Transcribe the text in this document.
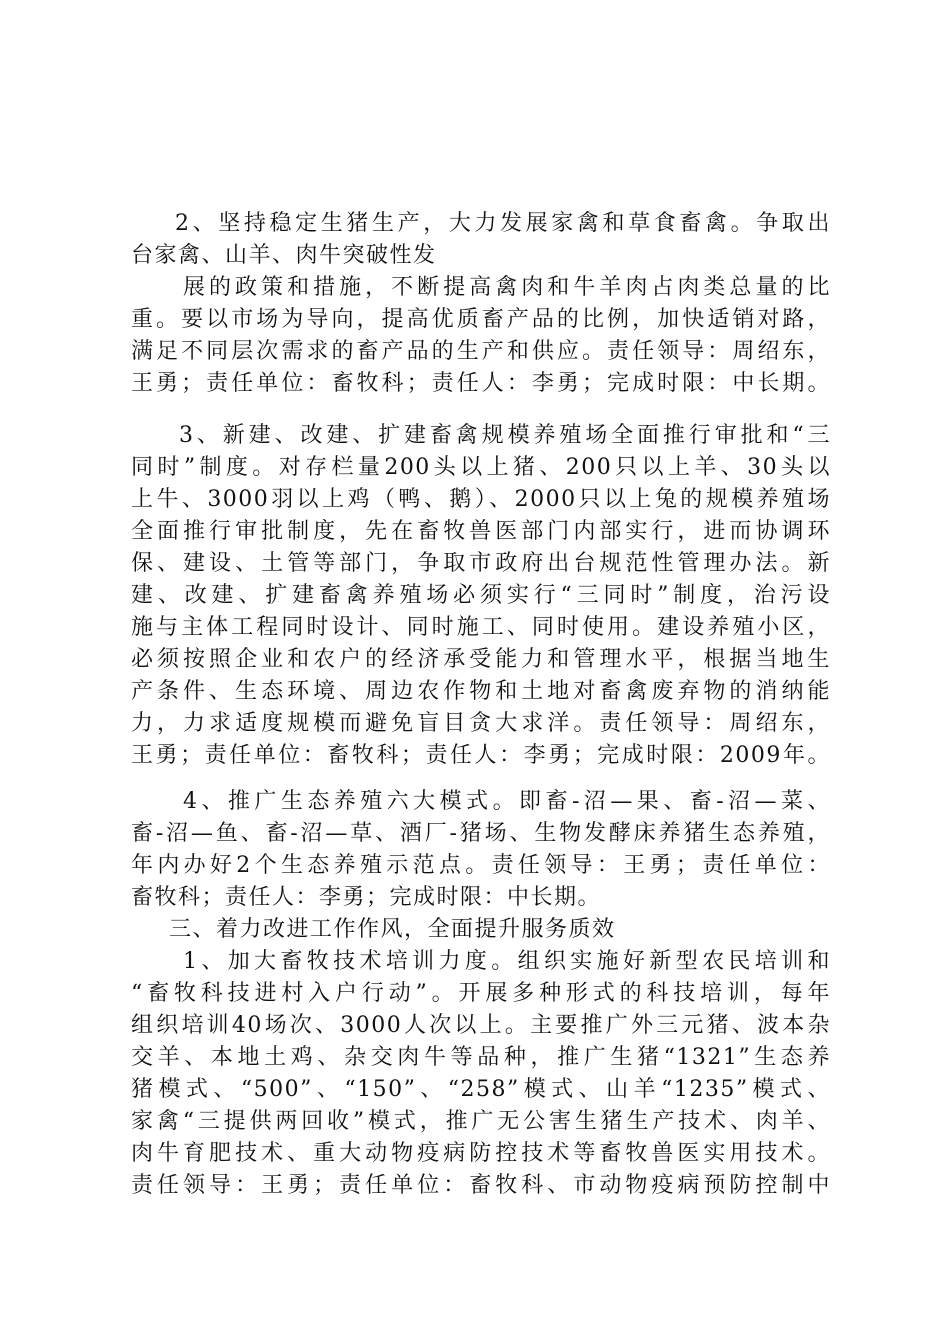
2、坚持稳定生猪生产，大力发展家禽和草食畜禽。争取出
台家禽、山羊、肉牛突破性发
展的政策和措施，不断提高禽肉和牛羊肉占肉类总量的比
重。要以市场为导向，提高优质畜产品的比例，加快适销对路，
满足不同层次需求的畜产品的生产和供应。责任领导：周绍东，
王勇；责任单位：畜牧科；责任人：李勇；完成时限：中长期。
3、新建、改建、扩建畜禽规模养殖场全面推行审批和“三
同时”制度。对存栏量200头以上猪、200只以上羊、30头以
上牛、3000羽以上鸡（鸭、鹅）、2000只以上兔的规模养殖场
全面推行审批制度，先在畜牧兽医部门内部实行，进而协调环
保、建设、土管等部门，争取市政府出台规范性管理办法。新
建、改建、扩建畜禽养殖场必须实行“三同时”制度，治污设
施与主体工程同时设计、同时施工、同时使用。建设养殖小区，
必须按照企业和农户的经济承受能力和管理水平，根据当地生
产条件、生态环境、周边农作物和土地对畜禽废弃物的消纳能
力，力求适度规模而避免盲目贪大求洋。责任领导：周绍东，
王勇；责任单位：畜牧科；责任人：李勇；完成时限：2009年。
4、推广生态养殖六大模式。即畜-沼—果、畜-沼—菜、
畜-沼—鱼、畜-沼—草、酒厂-猪场、生物发酵床养猪生态养殖，
年内办好2个生态养殖示范点。责任领导：王勇；责任单位：
畜牧科；责任人：李勇；完成时限：中长期。
三、着力改进工作作风，全面提升服务质效
1、加大畜牧技术培训力度。组织实施好新型农民培训和
“畜牧科技进村入户行动”。开展多种形式的科技培训，每年
组织培训40场次、3000人次以上。主要推广外三元猪、波本杂
交羊、本地土鸡、杂交肉牛等品种，推广生猪“1321”生态养
猪模式、“500”、“150”、“258”模式、山羊“1235”模式、
家禽“三提供两回收”模式，推广无公害生猪生产技术、肉羊、
肉牛育肥技术、重大动物疫病防控技术等畜牧兽医实用技术。
责任领导：王勇；责任单位：畜牧科、市动物疫病预防控制中
